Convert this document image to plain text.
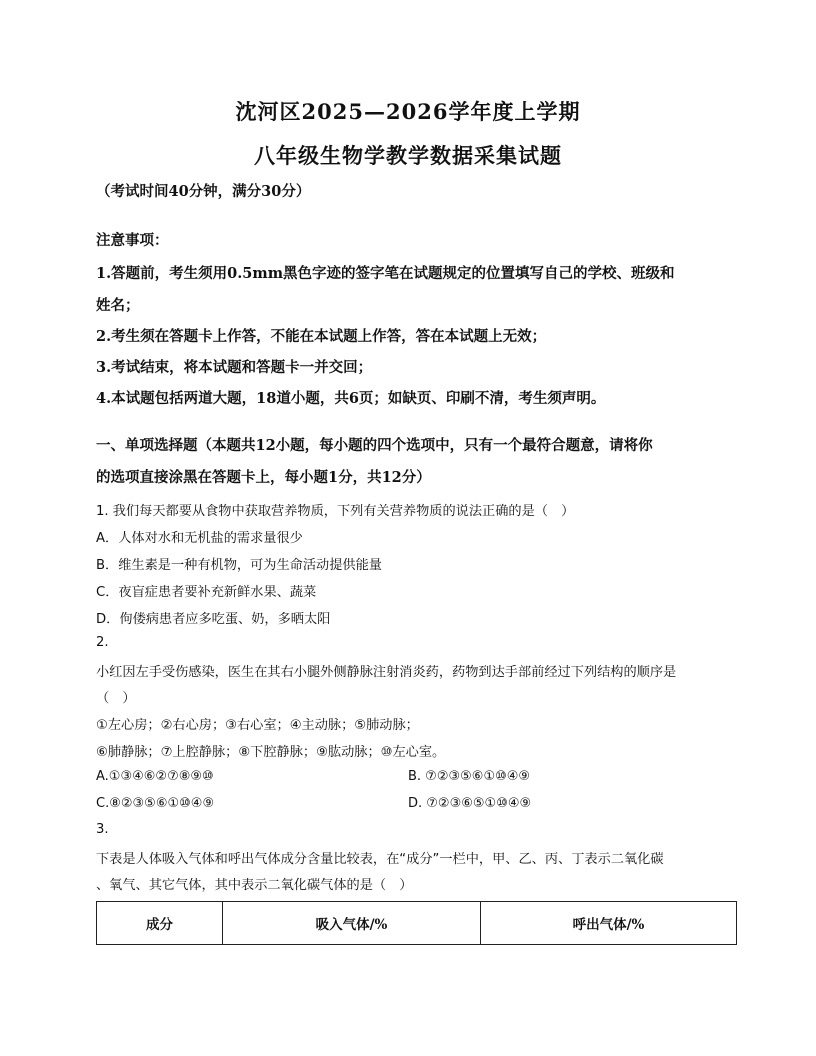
沈河区2025—2026学年度上学期
八年级生物学教学数据采集试题
（考试时间40分钟，满分30分）
注意事项：
1.答题前，考生须用0.5mm黑色字迹的签字笔在试题规定的位置填写自己的学校、班级和
姓名；
2.考生须在答题卡上作答，不能在本试题上作答，答在本试题上无效；
3.考试结束，将本试题和答题卡一并交回；
4.本试题包括两道大题，18道小题，共6页；如缺页、印刷不清，考生须声明。
一、单项选择题（本题共12小题，每小题的四个选项中，只有一个最符合题意，请将你
的选项直接涂黑在答题卡上，每小题1分，共12分）
1. 我们每天都要从食物中获取营养物质，下列有关营养物质的说法正确的是（　）
A．人体对水和无机盐的需求量很少
B．维生素是一种有机物，可为生命活动提供能量
C．夜盲症患者要补充新鲜水果、蔬菜
D．佝偻病患者应多吃蛋、奶，多晒太阳
2.
小红因左手受伤感染，医生在其右小腿外侧静脉注射消炎药，药物到达手部前经过下列结构的顺序是
（　）
①左心房；②右心房；③右心室；④主动脉；⑤肺动脉；
⑥肺静脉；⑦上腔静脉；⑧下腔静脉；⑨肱动脉；⑩左心室。
A.①③④⑥②⑦⑧⑨⑩	B. ⑦②③⑤⑥①⑩④⑨
C.⑧②③⑤⑥①⑩④⑨	D. ⑦②③⑥⑤①⑩④⑨
3.
下表是人体吸入气体和呼出气体成分含量比较表，在“成分”一栏中，甲、乙、丙、丁表示二氧化碳
、氧气、其它气体，其中表示二氧化碳气体的是（　）
成分	吸入气体/%	呼出气体/%
